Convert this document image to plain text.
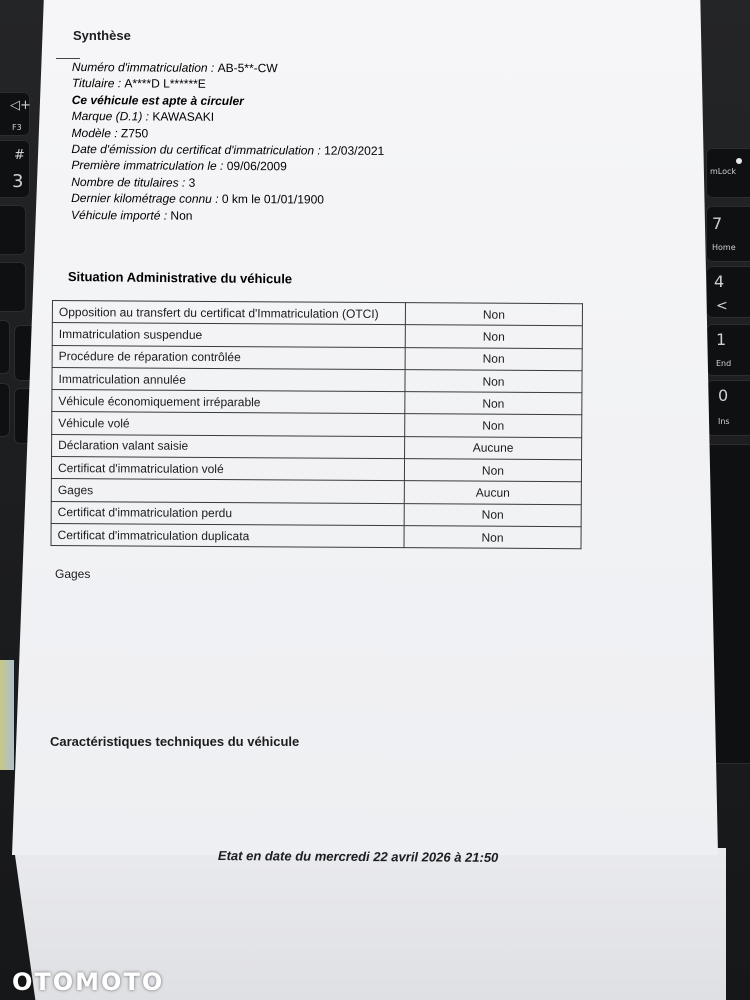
◁+
F3
#
3	mLock
7
Home
4
<
1
End
0
Ins
Synthèse
Numéro d'immatriculation : AB-5**-CW
Titulaire : A****D L******E
Ce véhicule est apte à circuler
Marque (D.1) : KAWASAKI
Modèle : Z750
Date d'émission du certificat d'immatriculation : 12/03/2021
Première immatriculation le : 09/06/2009
Nombre de titulaires : 3
Dernier kilométrage connu : 0 km le 01/01/1900
Véhicule importé : Non
Situation Administrative du véhicule
Opposition au transfert du certificat d'Immatriculation (OTCI)	Non
Immatriculation suspendue	Non
Procédure de réparation contrôlée	Non
Immatriculation annulée	Non
Véhicule économiquement irréparable	Non
Véhicule volé	Non
Déclaration valant saisie	Aucune
Certificat d'immatriculation volé	Non
Gages	Aucun
Certificat d'immatriculation perdu	Non
Certificat d'immatriculation duplicata	Non
Gages
Caractéristiques techniques du véhicule
Etat en date du mercredi 22 avril 2026 à 21:50
OTOMOTO
